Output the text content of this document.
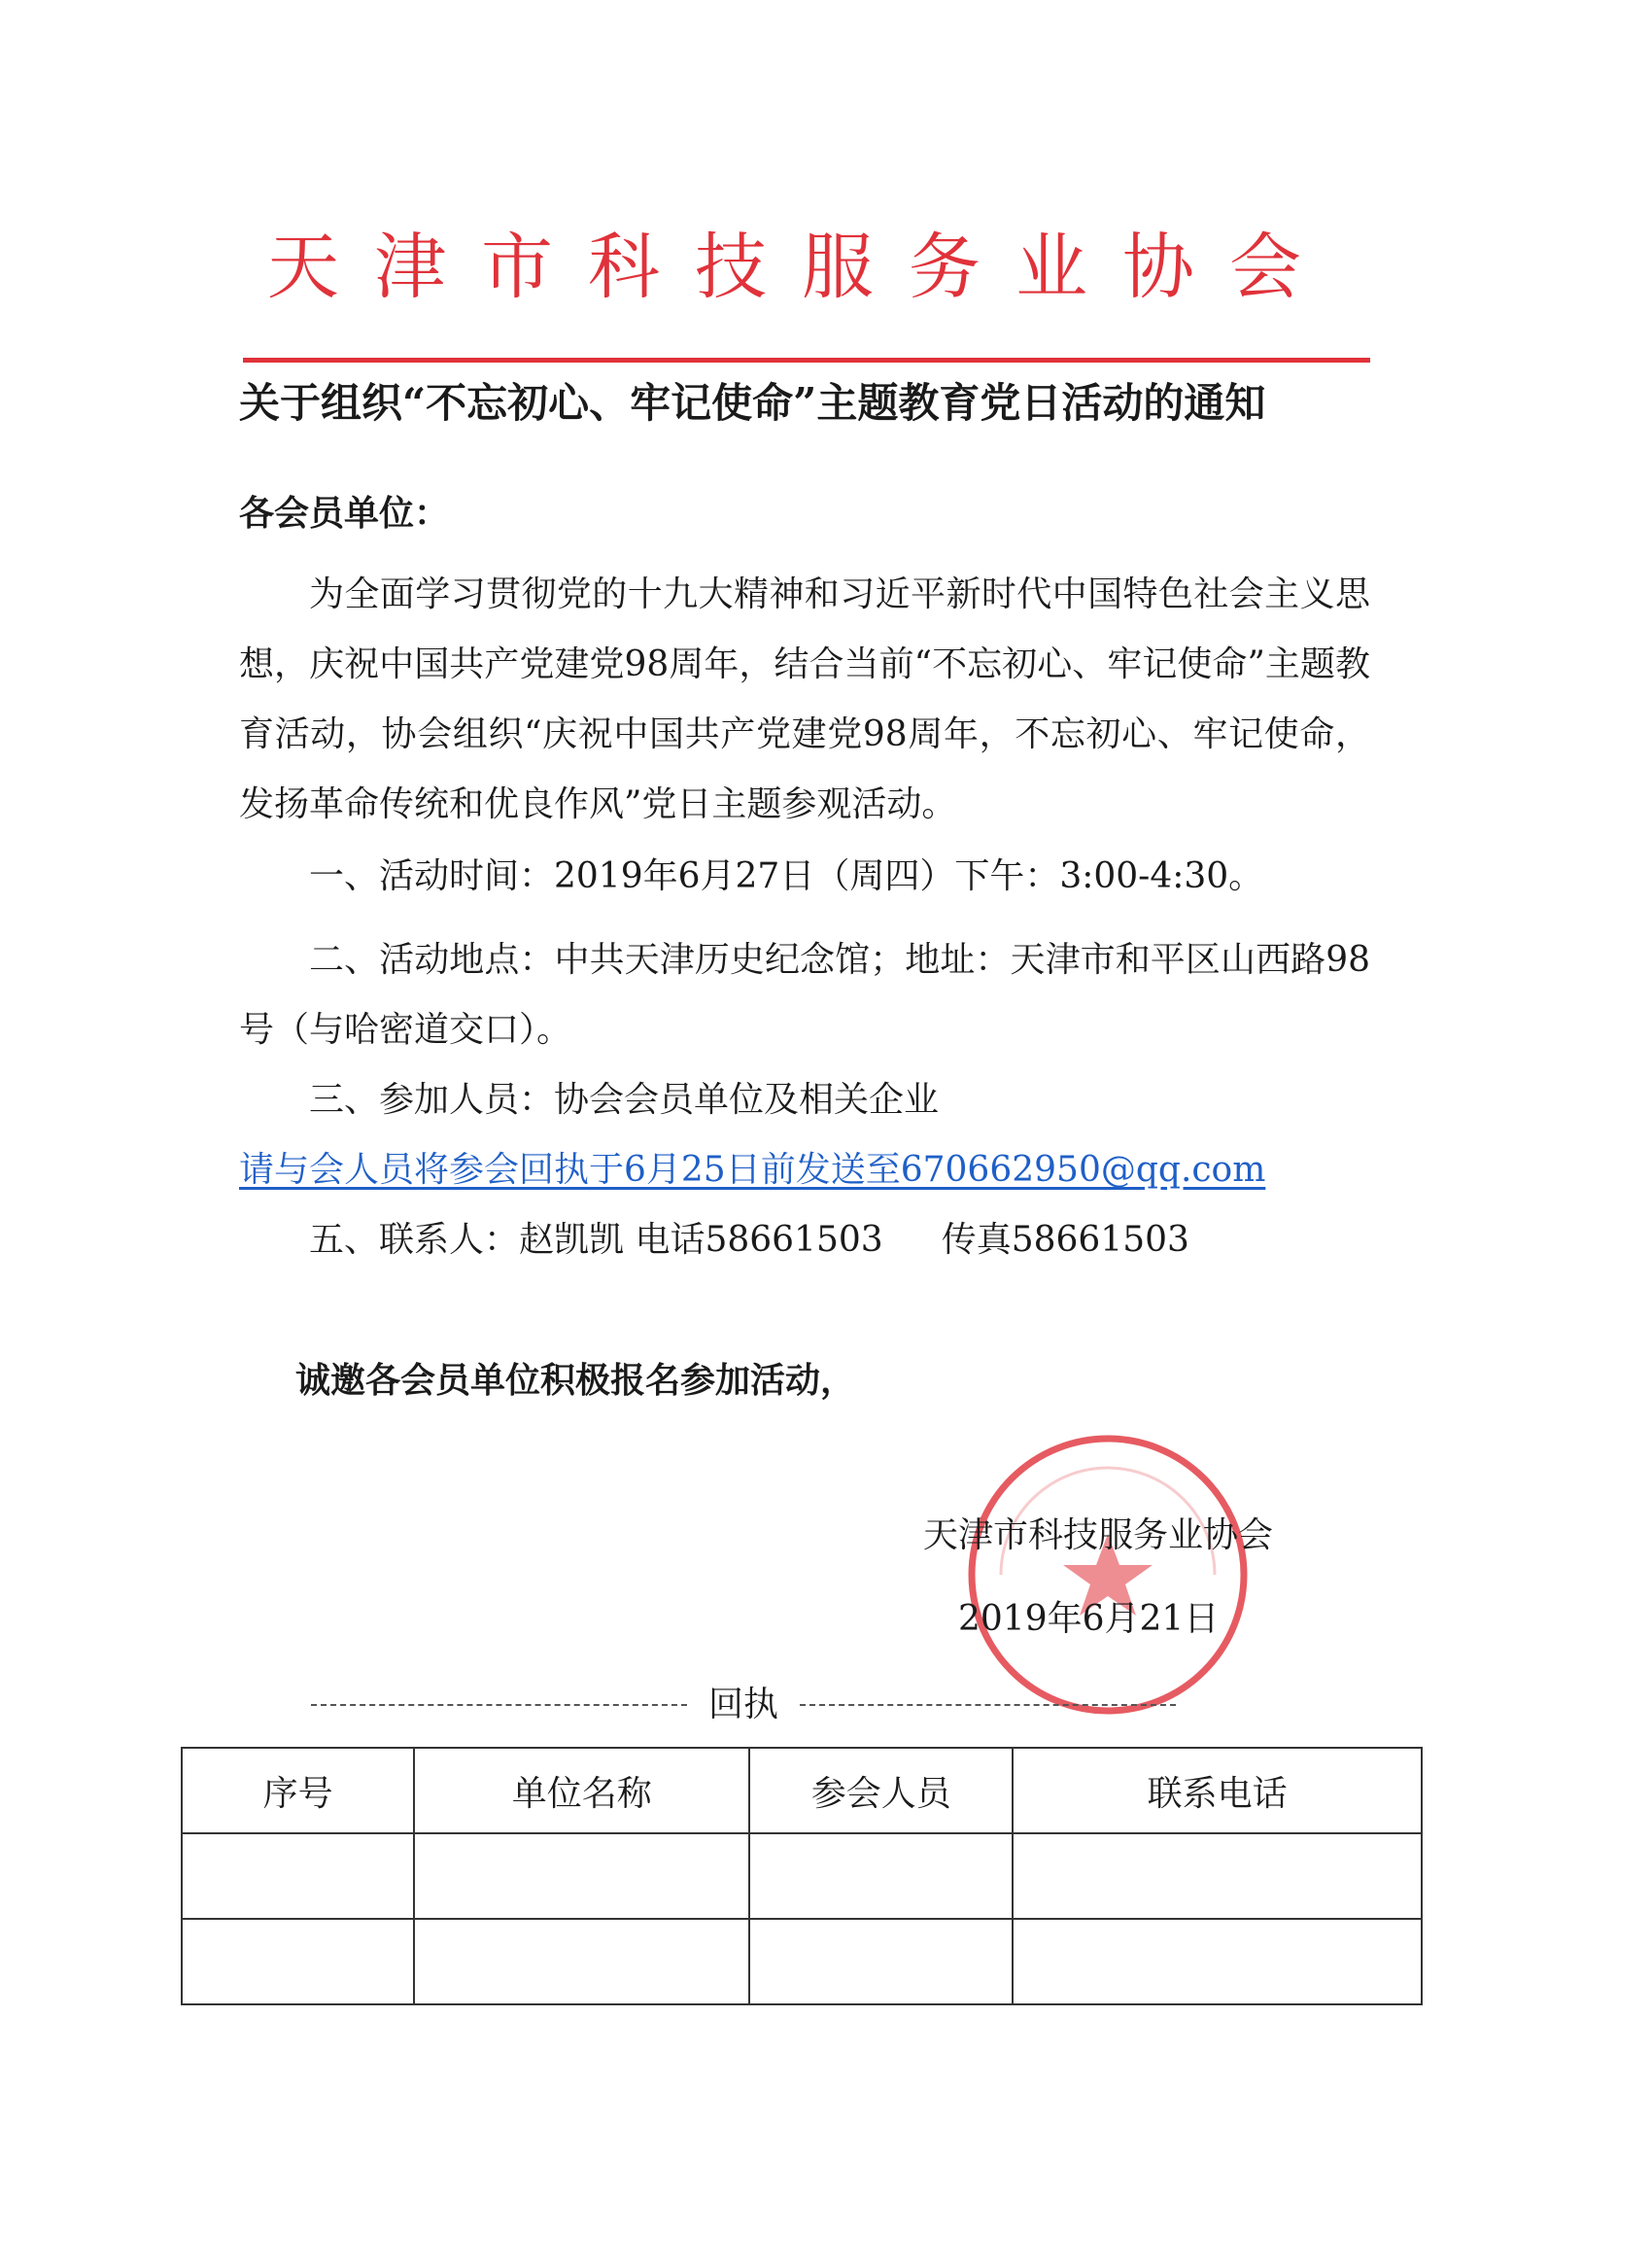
天津市科技服务业协会
关于组织“不忘初心、牢记使命”主题教育党日活动的通知
各会员单位：
为全面学习贯彻党的十九大精神和习近平新时代中国特色社会主义思想，庆祝中国共产党建党98周年，结合当前“不忘初心、牢记使命”主题教育活动，协会组织“庆祝中国共产党建党98周年，不忘初心、牢记使命，发扬革命传统和优良作风”党日主题参观活动。
一、活动时间：2019年6月27日（周四）下午：3:00-4:30。
二、活动地点：中共天津历史纪念馆；地址：天津市和平区山西路98号（与哈密道交口）。
三、参加人员：协会会员单位及相关企业
请与会人员将参会回执于6月25日前发送至670662950@qq.com
五、联系人：赵凯凯 电话58661503 传真58661503
诚邀各会员单位积极报名参加活动，
天津市科技服务业协会
2019年6月21日
回执
序号	单位名称	参会人员	联系电话
